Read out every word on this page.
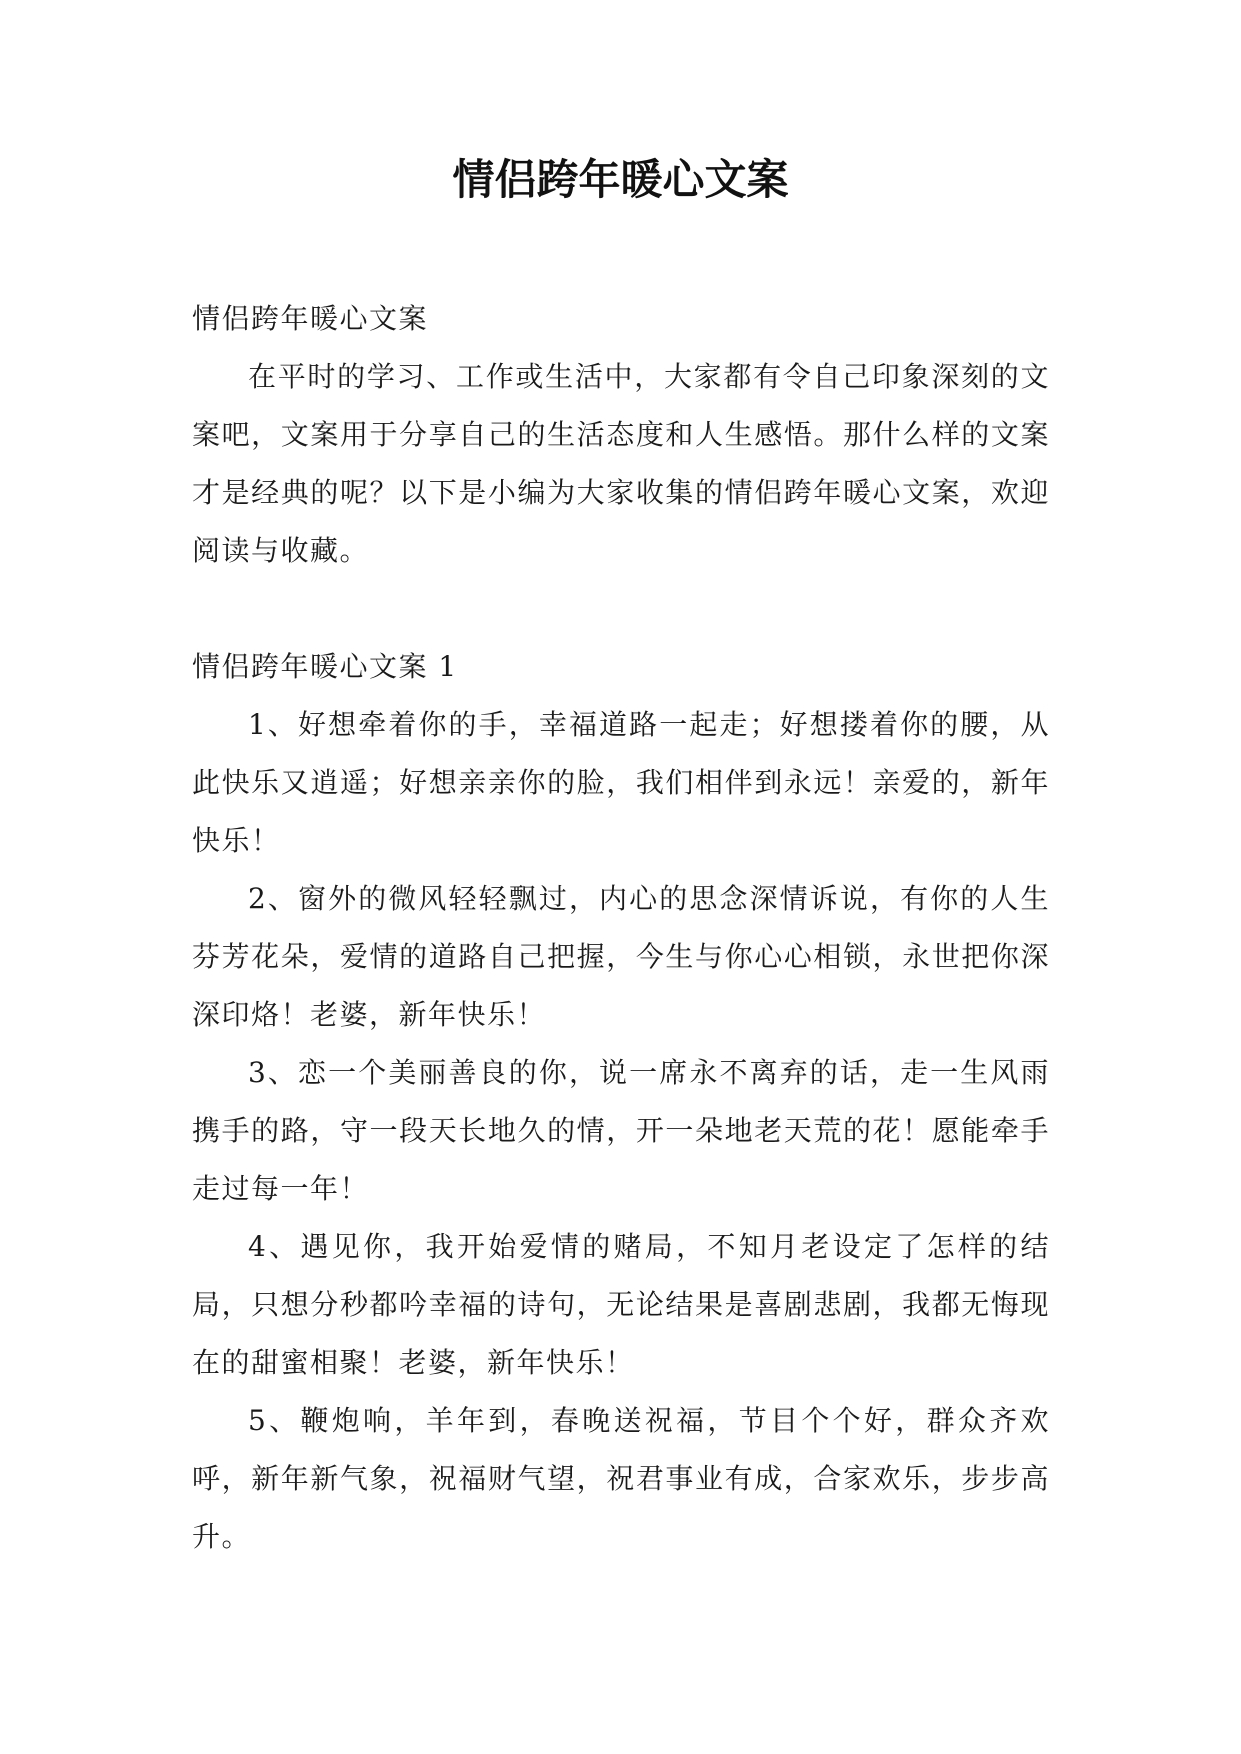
情侣跨年暖心文案

情侣跨年暖心文案

在平时的学习、工作或生活中，大家都有令自己印象深刻的文案吧，文案用于分享自己的生活态度和人生感悟。那什么样的文案才是经典的呢？以下是小编为大家收集的情侣跨年暖心文案，欢迎阅读与收藏。

情侣跨年暖心文案 1

1、好想牵着你的手，幸福道路一起走；好想搂着你的腰，从此快乐又逍遥；好想亲亲你的脸，我们相伴到永远！亲爱的，新年快乐！

2、窗外的微风轻轻飘过，内心的思念深情诉说，有你的人生芬芳花朵，爱情的道路自己把握，今生与你心心相锁，永世把你深深印烙！老婆，新年快乐！

3、恋一个美丽善良的你，说一席永不离弃的话，走一生风雨携手的路，守一段天长地久的情，开一朵地老天荒的花！愿能牵手走过每一年！

4、遇见你，我开始爱情的赌局，不知月老设定了怎样的结局，只想分秒都吟幸福的诗句，无论结果是喜剧悲剧，我都无悔现在的甜蜜相聚！老婆，新年快乐！

5、鞭炮响，羊年到，春晚送祝福，节目个个好，群众齐欢呼，新年新气象，祝福财气望，祝君事业有成，合家欢乐，步步高升。
